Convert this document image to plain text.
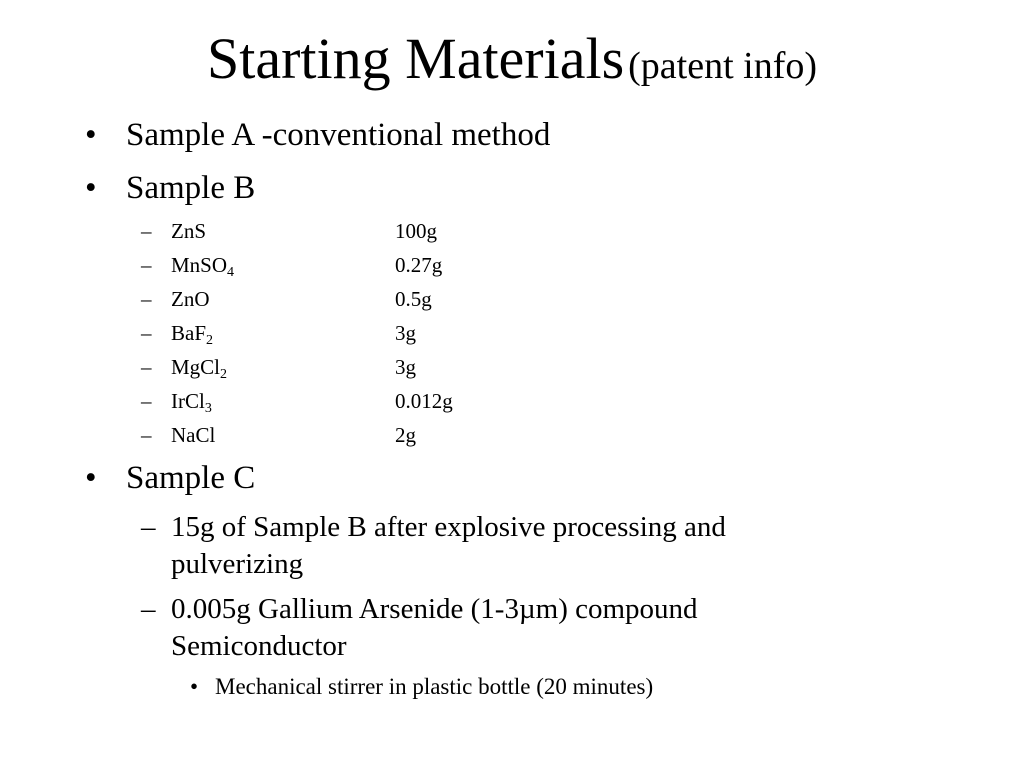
Starting Materials (patent info)
• Sample A -conventional method
• Sample B
– ZnS	100g
– MnSO$_4$	0.27g
– ZnO	0.5g
– BaF$_2$	3g
– MgCl$_2$	3g
– IrCl$_3$	0.012g
– NaCl	2g
• Sample C
– 15g of Sample B after explosive processing and pulverizing
– 0.005g Gallium Arsenide (1-3µm) compound Semiconductor
• Mechanical stirrer in plastic bottle (20 minutes)
